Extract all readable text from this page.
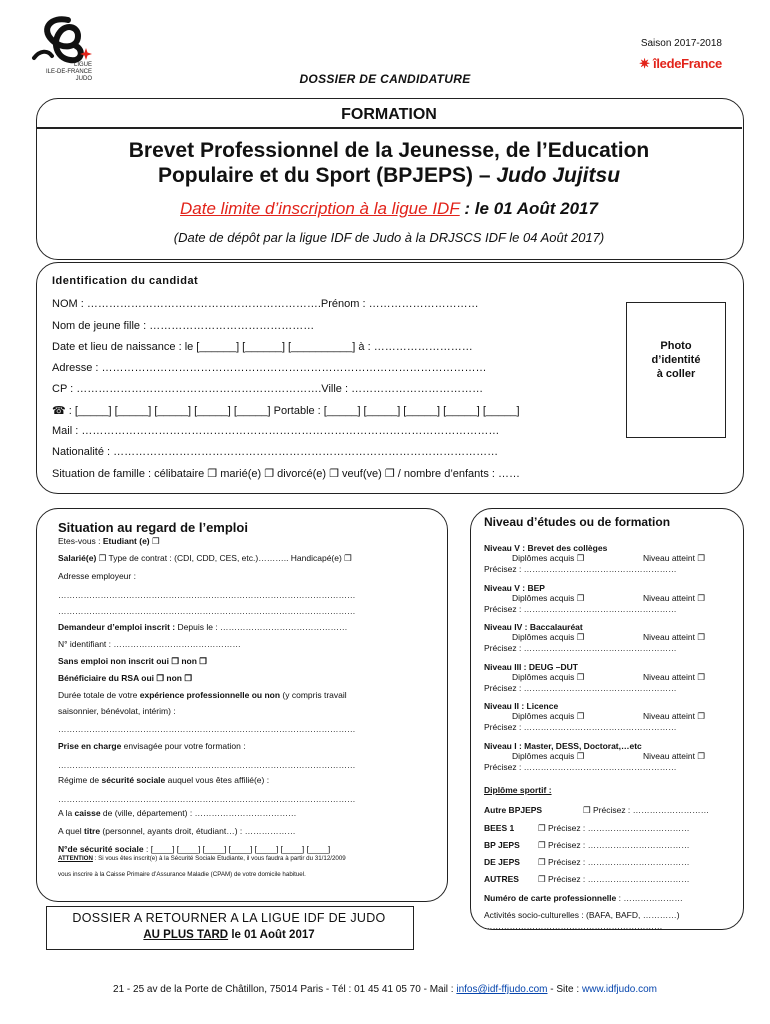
LIGUE
ILE-DE-FRANCE
JUDO
Saison 2017-2018
✷ îledeFrance
DOSSIER DE CANDIDATURE
FORMATION
Brevet Professionnel de la Jeunesse, de l’Education
Populaire et du Sport (BPJEPS) – Judo Jujitsu
Date limite d’inscription à la ligue IDF : le 01 Août 2017
(Date de dépôt par la ligue IDF de Judo à la DRJSCS IDF le 04 Août 2017)
Identification du candidat
NOM : ……………………………………………………….Prénom : …………………………
Nom de jeune fille : ………………………………………
Date et lieu de naissance : le [______] [______] [__________] à : ………………………
Adresse : ……………………………………………………………………………………………
CP : ………………………………………………………….Ville : ………………………………
☎ : [_____] [_____] [_____] [_____] [_____] Portable : [_____] [_____] [_____] [_____] [_____]
Mail : ……………………………………………………………………………………………………
Nationalité : ……………………………………………………………………………………………
Situation de famille : célibataire ❐ marié(e) ❐ divorcé(e) ❐ veuf(ve) ❐ / nombre d’enfants : ……
Photo
d’identité
à coller
Situation au regard de l’emploi
Etes-vous : Etudiant (e) ❐
Salarié(e) ❐ Type de contrat : (CDI, CDD, CES, etc.)……….. Handicapé(e) ❐
Adresse employeur :
……………………………………………………………………………………………
……………………………………………………………………………………………
Demandeur d’emploi inscrit : Depuis le : ………………………………………
N° identifiant : ………………………………………
Sans emploi non inscrit oui ❐ non ❐
Bénéficiaire du RSA oui ❐ non ❐
Durée totale de votre expérience professionnelle ou non (y compris travail
saisonnier, bénévolat, intérim) :
……………………………………………………………………………………………
Prise en charge envisagée pour votre formation :
……………………………………………………………………………………………
Régime de sécurité sociale auquel vous êtes affilié(e) :
……………………………………………………………………………………………
A la caisse de (ville, département) : ………………………………
A quel titre (personnel, ayants droit, étudiant…) : ………………
N°de sécurité sociale : [____] [____] [____] [____] [____] [____] [____]
ATTENTION : Si vous êtes inscrit(e) à la Sécurité Sociale Etudiante, il vous faudra à partir du 31/12/2009
vous inscrire à la Caisse Primaire d’Assurance Maladie (CPAM) de votre domicile habituel.
Niveau d’études ou de formation
Niveau V : Brevet des collèges
Diplômes acquis ❐	Niveau atteint ❐
Précisez : ………………………………………………
Niveau V : BEP
Diplômes acquis ❐	Niveau atteint ❐
Précisez : ………………………………………………
Niveau IV : Baccalauréat
Diplômes acquis ❐	Niveau atteint ❐
Précisez : ………………………………………………
Niveau III : DEUG –DUT
Diplômes acquis ❐	Niveau atteint ❐
Précisez : ………………………………………………
Niveau II : Licence
Diplômes acquis ❐	Niveau atteint ❐
Précisez : ………………………………………………
Niveau I : Master, DESS, Doctorat,…etc
Diplômes acquis ❐	Niveau atteint ❐
Précisez : ………………………………………………
Diplôme sportif :
Autre BPJEPS	❐ Précisez : ………………………
BEES 1	❐ Précisez : ………………………………
BP JEPS ❐ Précisez : ………………………………
DE JEPS ❐ Précisez : ………………………………
AUTRES ❐ Précisez : ………………………………
Numéro de carte professionnelle : …………………
Activités socio-culturelles : (BAFA, BAFD, …………)
………………………………………………………
DOSSIER A RETOURNER A LA LIGUE IDF DE JUDO
AU PLUS TARD le 01 Août 2017
21 - 25 av de la Porte de Châtillon, 75014 Paris - Tél : 01 45 41 05 70 - Mail : infos@idf-ffjudo.com - Site : www.idfjudo.com
